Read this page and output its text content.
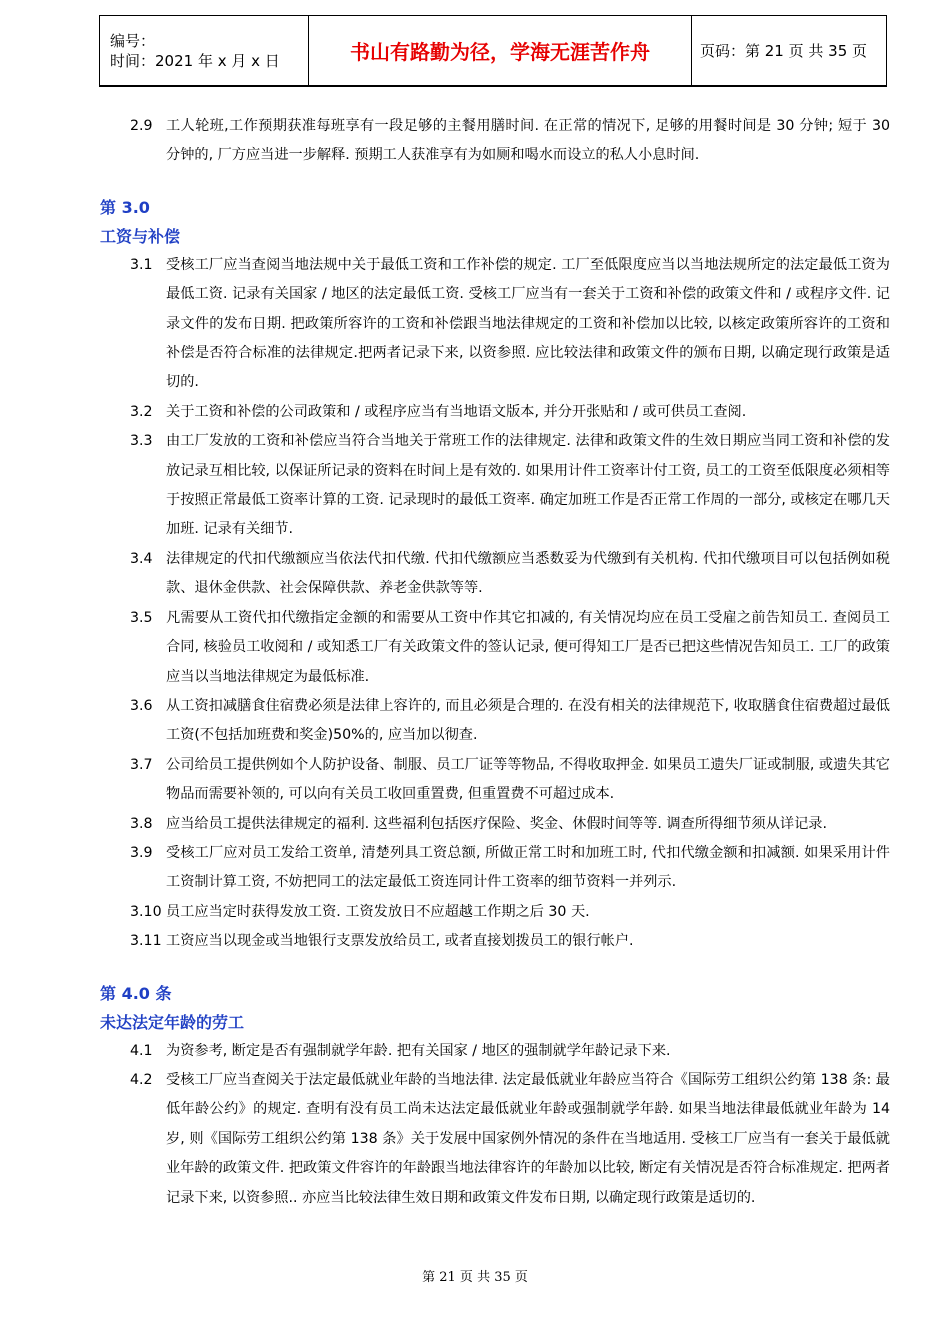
编号：
时间：2021 年 x 月 x 日	书山有路勤为径，学海无涯苦作舟	页码：第 21 页 共 35 页
2.9 工人轮班,工作预期获准每班享有一段足够的主餐用膳时间. 在正常的情况下, 足够的用餐时间是 30 分钟; 短于 30 分钟的, 厂方应当进一步解释. 预期工人获准享有为如厕和喝水而设立的私人小息时间.
第 3.0
工资与补偿
3.1 受核工厂应当查阅当地法规中关于最低工资和工作补偿的规定. 工厂至低限度应当以当地法规所定的法定最低工资为最低工资. 记录有关国家 / 地区的法定最低工资. 受核工厂应当有一套关于工资和补偿的政策文件和 / 或程序文件. 记录文件的发布日期. 把政策所容许的工资和补偿跟当地法律规定的工资和补偿加以比较, 以核定政策所容许的工资和补偿是否符合标准的法律规定.把两者记录下来, 以资参照. 应比较法律和政策文件的颁布日期, 以确定现行政策是适切的.
3.2 关于工资和补偿的公司政策和 / 或程序应当有当地语文版本, 并分开张贴和 / 或可供员工查阅.
3.3 由工厂发放的工资和补偿应当符合当地关于常班工作的法律规定. 法律和政策文件的生效日期应当同工资和补偿的发放记录互相比较, 以保证所记录的资料在时间上是有效的. 如果用计件工资率计付工资, 员工的工资至低限度必须相等于按照正常最低工资率计算的工资. 记录现时的最低工资率. 确定加班工作是否正常工作周的一部分, 或核定在哪几天加班. 记录有关细节.
3.4 法律规定的代扣代缴额应当依法代扣代缴. 代扣代缴额应当悉数妥为代缴到有关机构. 代扣代缴项目可以包括例如税款、退休金供款、社会保障供款、养老金供款等等.
3.5 凡需要从工资代扣代缴指定金额的和需要从工资中作其它扣减的, 有关情况均应在员工受雇之前告知员工. 查阅员工合同, 核验员工收阅和 / 或知悉工厂有关政策文件的签认记录, 便可得知工厂是否已把这些情况告知员工. 工厂的政策应当以当地法律规定为最低标准.
3.6 从工资扣减膳食住宿费必须是法律上容许的, 而且必须是合理的. 在没有相关的法律规范下, 收取膳食住宿费超过最低工资(不包括加班费和奖金)50%的, 应当加以彻查.
3.7 公司给员工提供例如个人防护设备、制服、员工厂证等等物品, 不得收取押金. 如果员工遗失厂证或制服, 或遗失其它物品而需要补领的, 可以向有关员工收回重置费, 但重置费不可超过成本.
3.8 应当给员工提供法律规定的福利. 这些福利包括医疗保险、奖金、休假时间等等. 调查所得细节须从详记录.
3.9 受核工厂应对员工发给工资单, 清楚列具工资总额, 所做正常工时和加班工时, 代扣代缴金额和扣减额. 如果采用计件工资制计算工资, 不妨把同工的法定最低工资连同计件工资率的细节资料一并列示.
3.10 员工应当定时获得发放工资. 工资发放日不应超越工作期之后 30 天.
3.11 工资应当以现金或当地银行支票发放给员工, 或者直接划拨员工的银行帐户.
第 4.0 条
未达法定年龄的劳工
4.1 为资参考, 断定是否有强制就学年龄. 把有关国家 / 地区的强制就学年龄记录下来.
4.2 受核工厂应当查阅关于法定最低就业年龄的当地法律. 法定最低就业年龄应当符合《国际劳工组织公约第 138 条: 最低年龄公约》的规定. 查明有没有员工尚未达法定最低就业年龄或强制就学年龄. 如果当地法律最低就业年龄为 14 岁, 则《国际劳工组织公约第 138 条》关于发展中国家例外情况的条件在当地适用. 受核工厂应当有一套关于最低就业年龄的政策文件. 把政策文件容许的年龄跟当地法律容许的年龄加以比较, 断定有关情况是否符合标准规定. 把两者记录下来, 以资参照.. 亦应当比较法律生效日期和政策文件发布日期, 以确定现行政策是适切的.
第 21 页 共 35 页
